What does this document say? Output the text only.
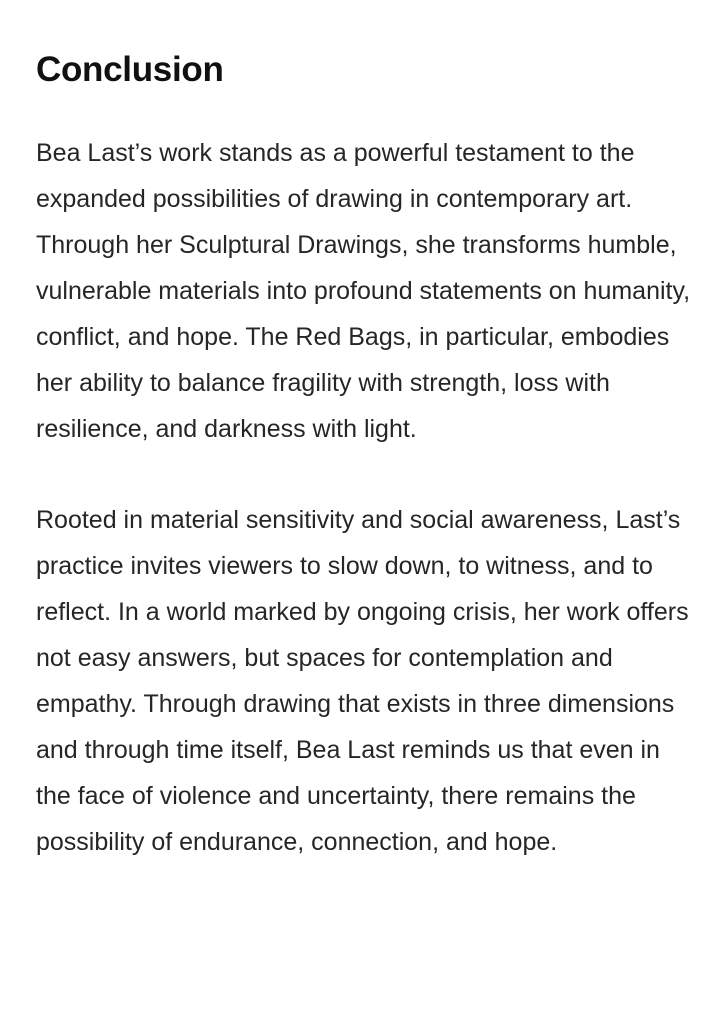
Conclusion

Bea Last’s work stands as a powerful testament to the expanded possibilities of drawing in contemporary art. Through her Sculptural Drawings, she transforms humble, vulnerable materials into profound statements on humanity, conflict, and hope. The Red Bags, in particular, embodies her ability to balance fragility with strength, loss with resilience, and darkness with light.

Rooted in material sensitivity and social awareness, Last’s practice invites viewers to slow down, to witness, and to reflect. In a world marked by ongoing crisis, her work offers not easy answers, but spaces for contemplation and empathy. Through drawing that exists in three dimensions and through time itself, Bea Last reminds us that even in the face of violence and uncertainty, there remains the possibility of endurance, connection, and hope.
